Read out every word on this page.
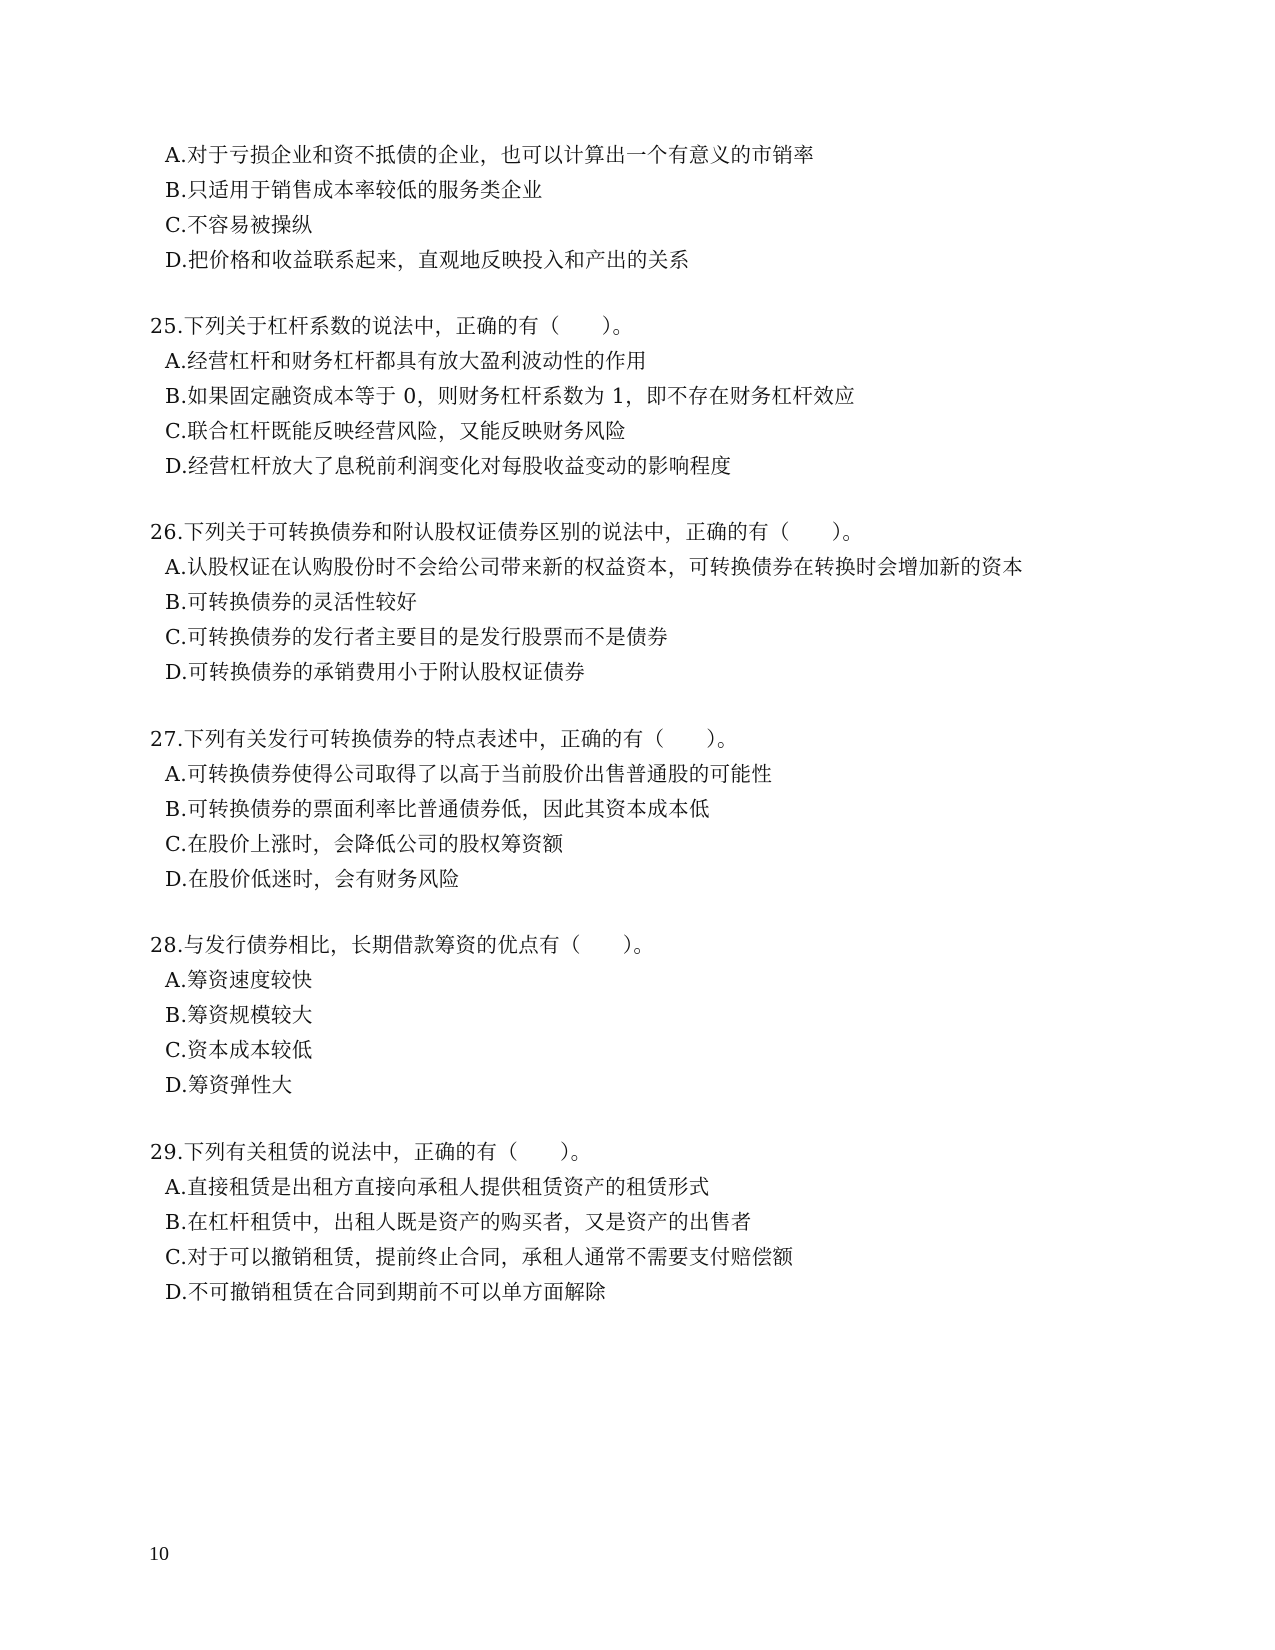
A.对于亏损企业和资不抵债的企业，也可以计算出一个有意义的市销率
B.只适用于销售成本率较低的服务类企业
C.不容易被操纵
D.把价格和收益联系起来，直观地反映投入和产出的关系
25.下列关于杠杆系数的说法中，正确的有（　　）。
A.经营杠杆和财务杠杆都具有放大盈利波动性的作用
B.如果固定融资成本等于 0，则财务杠杆系数为 1，即不存在财务杠杆效应
C.联合杠杆既能反映经营风险，又能反映财务风险
D.经营杠杆放大了息税前利润变化对每股收益变动的影响程度
26.下列关于可转换债券和附认股权证债券区别的说法中，正确的有（　　）。
A.认股权证在认购股份时不会给公司带来新的权益资本，可转换债券在转换时会增加新的资本
B.可转换债券的灵活性较好
C.可转换债券的发行者主要目的是发行股票而不是债券
D.可转换债券的承销费用小于附认股权证债券
27.下列有关发行可转换债券的特点表述中，正确的有（　　）。
A.可转换债券使得公司取得了以高于当前股价出售普通股的可能性
B.可转换债券的票面利率比普通债券低，因此其资本成本低
C.在股价上涨时，会降低公司的股权筹资额
D.在股价低迷时，会有财务风险
28.与发行债券相比，长期借款筹资的优点有（　　）。
A.筹资速度较快
B.筹资规模较大
C.资本成本较低
D.筹资弹性大
29.下列有关租赁的说法中，正确的有（　　）。
A.直接租赁是出租方直接向承租人提供租赁资产的租赁形式
B.在杠杆租赁中，出租人既是资产的购买者，又是资产的出售者
C.对于可以撤销租赁，提前终止合同，承租人通常不需要支付赔偿额
D.不可撤销租赁在合同到期前不可以单方面解除
10
